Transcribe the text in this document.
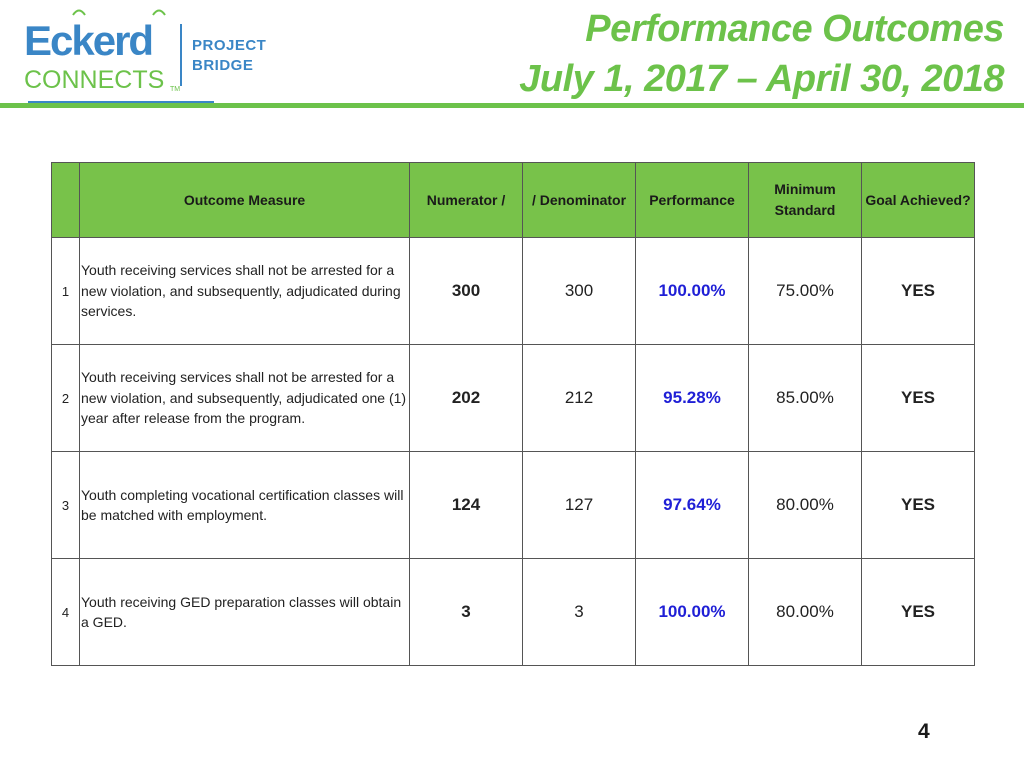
Eckerd
CONNECTS TM
PROJECT
BRIDGE
Performance Outcomes
July 1, 2017 – April 30, 2018
	Outcome Measure	Numerator /	/ Denominator	Performance	Minimum Standard	Goal Achieved?
1	Youth receiving services shall not be arrested for a new violation, and subsequently, adjudicated during services.	300	300	100.00%	75.00%	YES
2	Youth receiving services shall not be arrested for a new violation, and subsequently, adjudicated one (1) year after release from the program.	202	212	95.28%	85.00%	YES
3	Youth completing vocational certification classes will be matched with employment.	124	127	97.64%	80.00%	YES
4	Youth receiving GED preparation classes will obtain a GED.	3	3	100.00%	80.00%	YES
4
